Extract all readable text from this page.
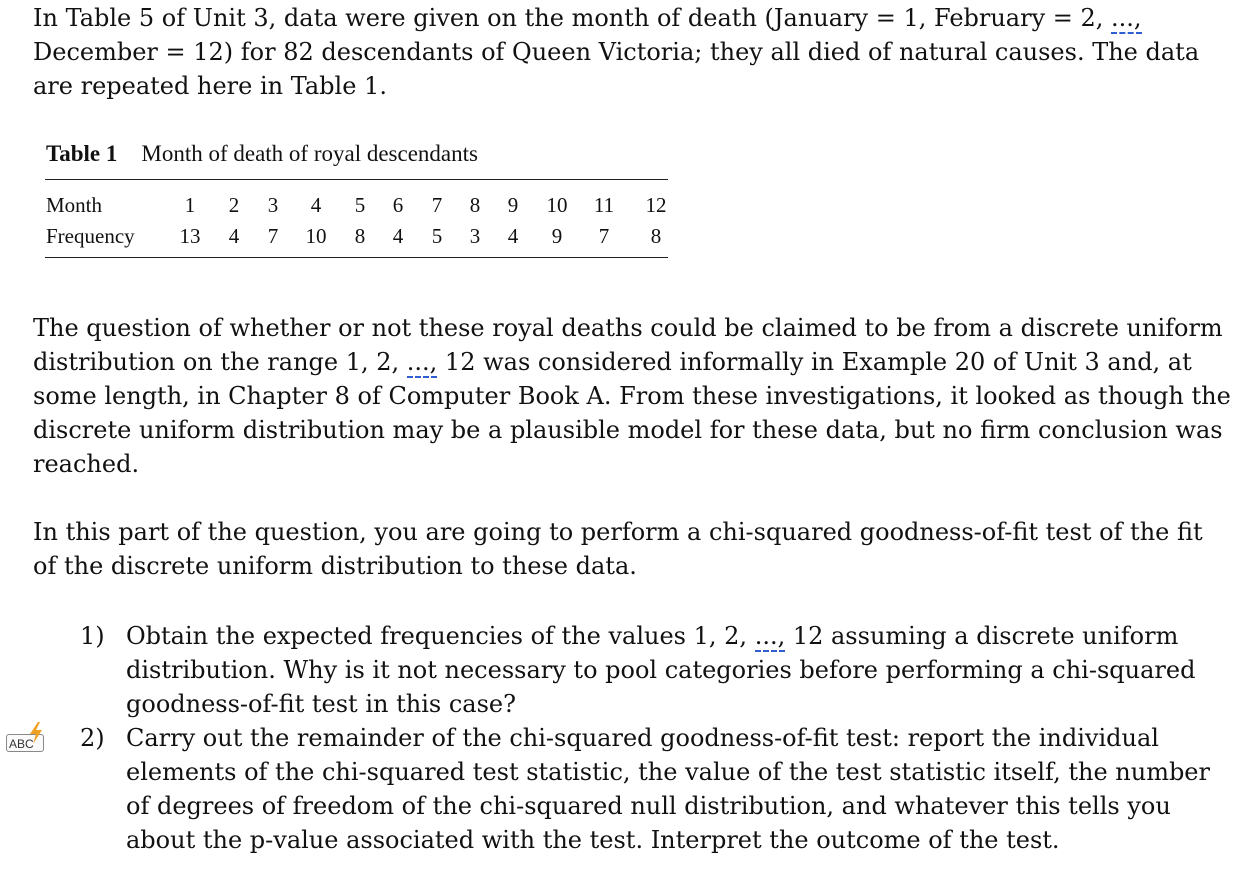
In Table 5 of Unit 3, data were given on the month of death (January = 1, February = 2, ..., December = 12) for 82 descendants of Queen Victoria; they all died of natural causes. The data are repeated here in Table 1.

Table 1 Month of death of royal descendants
Month	1	2	3	4	5	6	7	8	9	10	11	12
Frequency	13	4	7	10	8	4	5	3	4	9	7	8

The question of whether or not these royal deaths could be claimed to be from a discrete uniform distribution on the range 1, 2, ..., 12 was considered informally in Example 20 of Unit 3 and, at some length, in Chapter 8 of Computer Book A. From these investigations, it looked as though the discrete uniform distribution may be a plausible model for these data, but no firm conclusion was reached.

In this part of the question, you are going to perform a chi-squared goodness-of-fit test of the fit of the discrete uniform distribution to these data.

1) Obtain the expected frequencies of the values 1, 2, ..., 12 assuming a discrete uniform distribution. Why is it not necessary to pool categories before performing a chi-squared goodness-of-fit test in this case?

2) Carry out the remainder of the chi-squared goodness-of-fit test: report the individual elements of the chi-squared test statistic, the value of the test statistic itself, the number of degrees of freedom of the chi-squared null distribution, and whatever this tells you about the p-value associated with the test. Interpret the outcome of the test.

ABC
